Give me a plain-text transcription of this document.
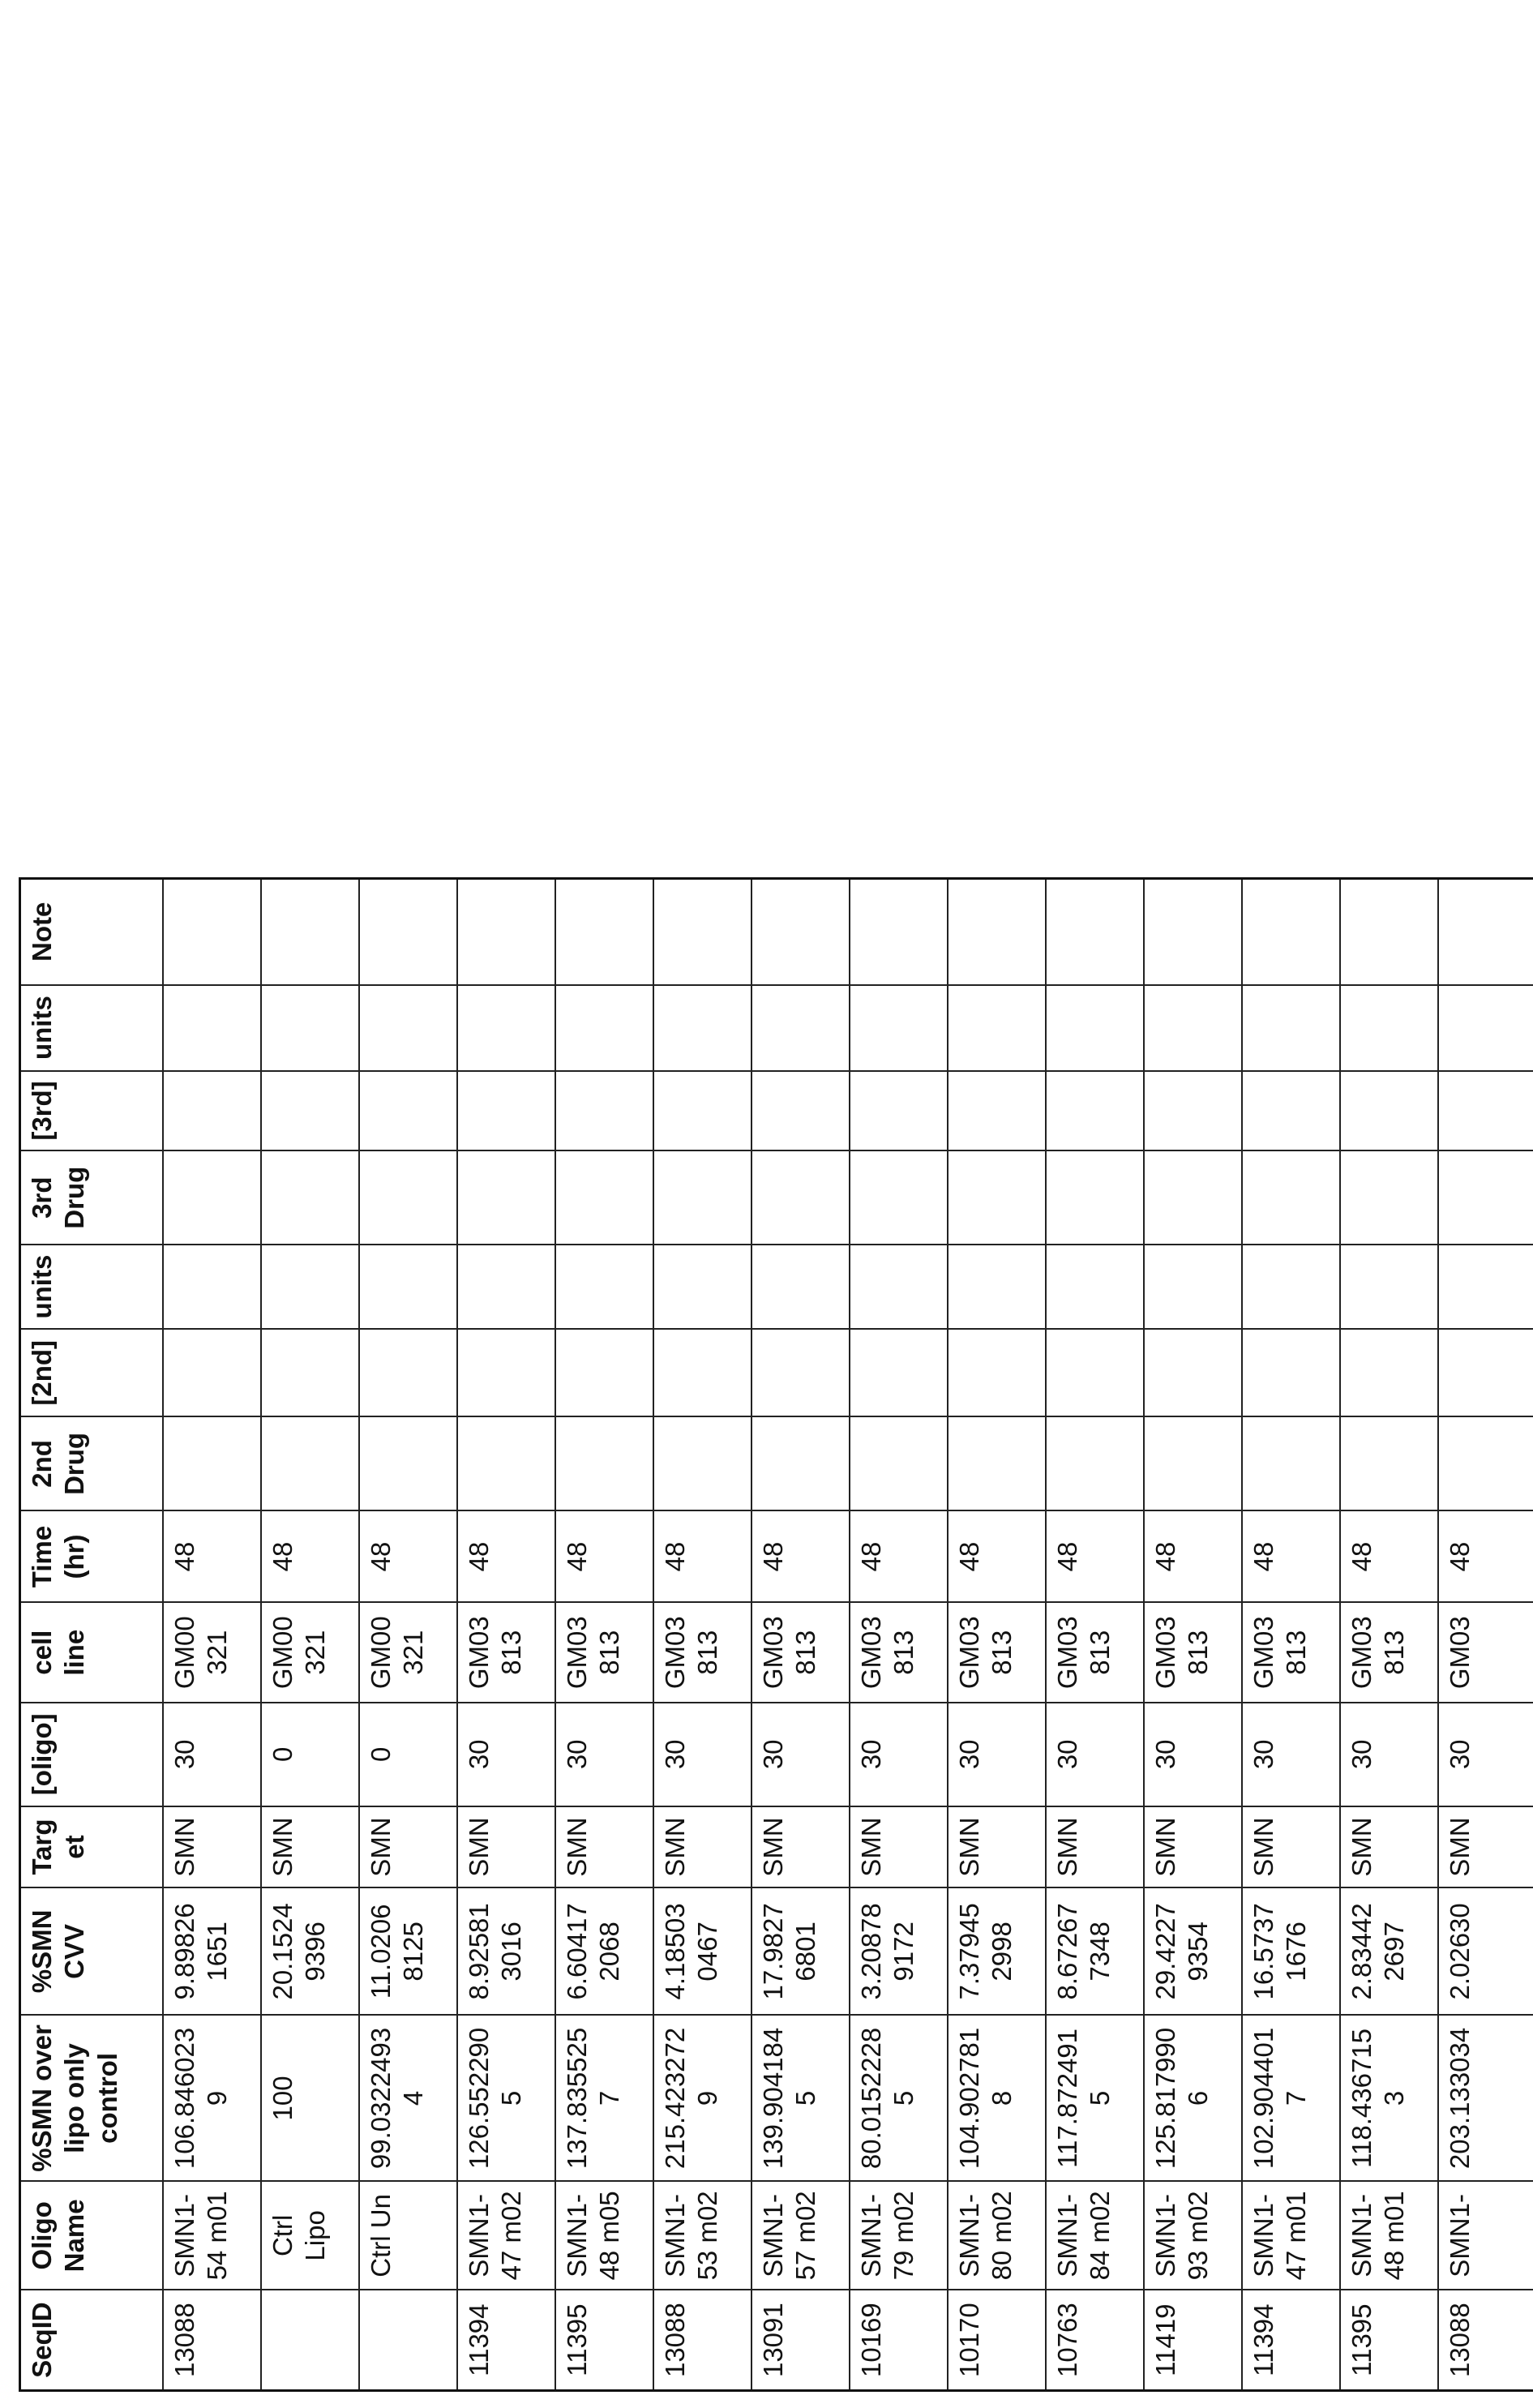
SeqID	Oligo
Name	%SMN over
lipo only
control	%SMN
CVV	Targ
et	[oligo]	cell
line	Time
(hr)	2nd
Drug	[2nd]	units	3rd
Drug	[3rd]	units	Note
13088	SMN1-
54 m01	106.846023
9	9.89826
1651	SMN	30	GM00
321	48							
	Ctrl
Lipo	100	20.1524
9396	SMN	0	GM00
321	48							
	Ctrl Un	99.0322493
4	11.0206
8125	SMN	0	GM00
321	48							
11394	SMN1-
47 m02	126.552290
5	8.92581
3016	SMN	30	GM03
813	48							
11395	SMN1-
48 m05	137.835525
7	6.60417
2068	SMN	30	GM03
813	48							
13088	SMN1-
53 m02	215.423272
9	4.18503
0467	SMN	30	GM03
813	48							
13091	SMN1-
57 m02	139.904184
5	17.9827
6801	SMN	30	GM03
813	48							
10169	SMN1-
79 m02	80.0152228
5	3.20878
9172	SMN	30	GM03
813	48							
10170	SMN1-
80 m02	104.902781
8	7.37945
2998	SMN	30	GM03
813	48							
10763	SMN1-
84 m02	117.872491
5	8.67267
7348	SMN	30	GM03
813	48							
11419	SMN1-
93 m02	125.817990
6	29.4227
9354	SMN	30	GM03
813	48							
11394	SMN1-
47 m01	102.904401
7	16.5737
1676	SMN	30	GM03
813	48							
11395	SMN1-
48 m01	118.436715
3	2.83442
2697	SMN	30	GM03
813	48							
13088	SMN1-	203.133034	2.02630	SMN	30	GM03	48							
